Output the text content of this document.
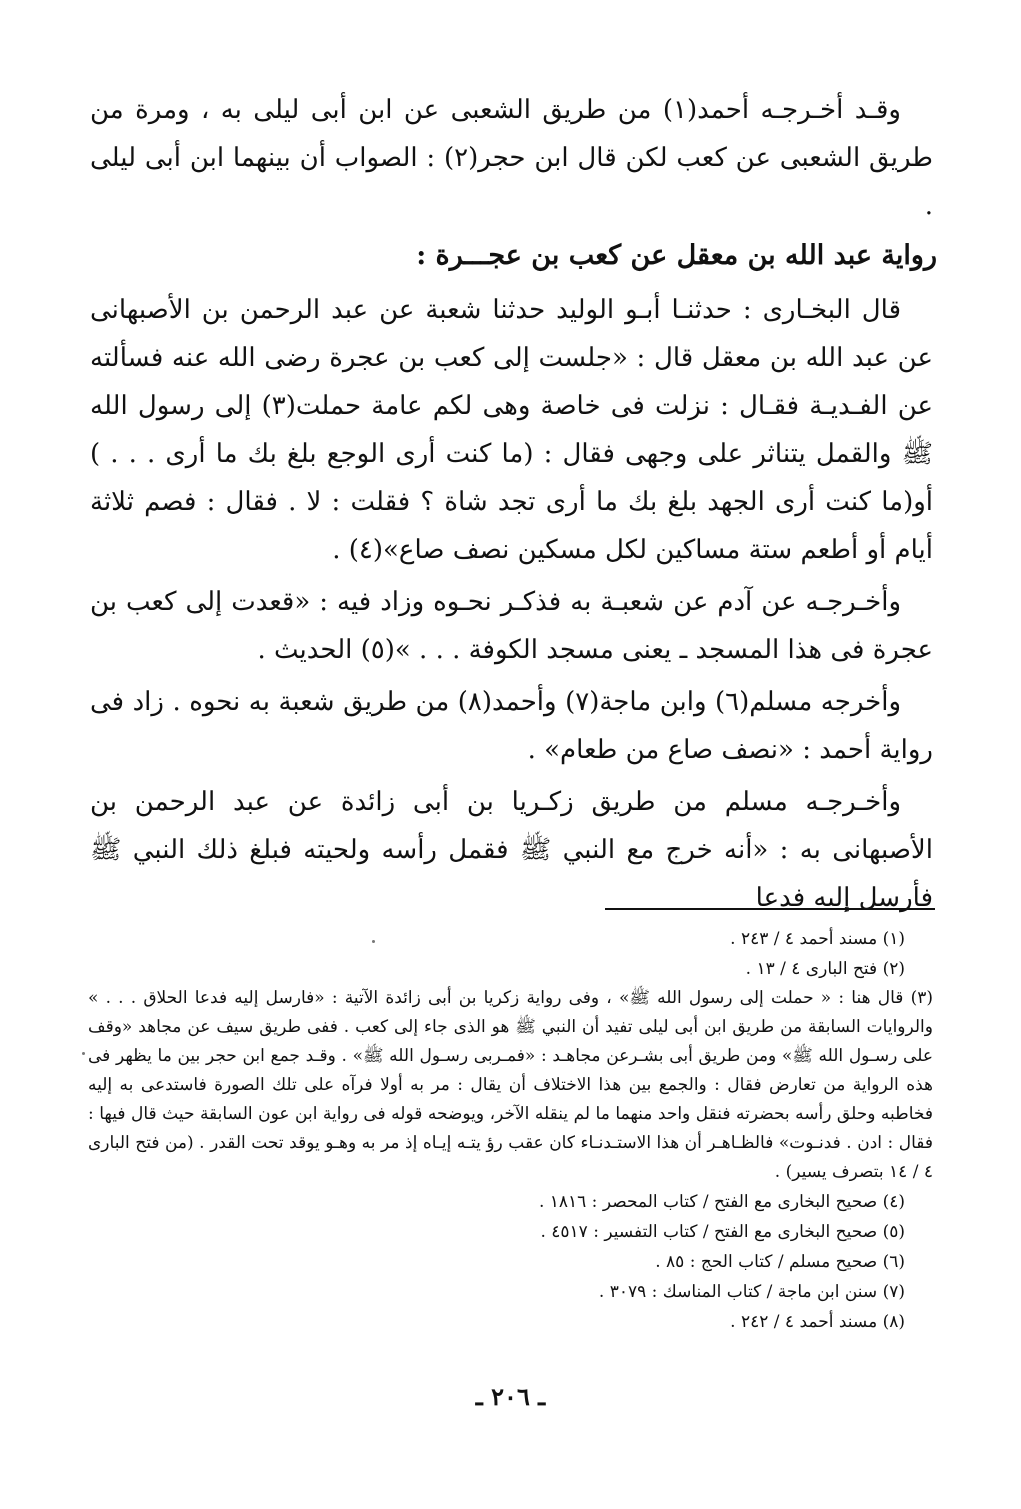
وقـد أخـرجـه أحمد(١) من طريق الشعبى عن ابن أبى ليلى به ، ومرة من طريق الشعبى عن كعب لكن قال ابن حجر(٢) : الصواب أن بينهما ابن أبى ليلى .

رواية عبد الله بن معقل عن كعب بن عجـــرة :

قال البخـارى : حدثنـا أبـو الوليد حدثنا شعبة عن عبد الرحمن بن الأصبهانى عن عبد الله بن معقل قال : «جلست إلى كعب بن عجرة رضى الله عنه فسألته عن الفـديـة فقـال : نزلت فى خاصة وهى لكم عامة حملت(٣) إلى رسول الله ﷺ والقمل يتناثر على وجهى فقال : (ما كنت أرى الوجع بلغ بك ما أرى . . . ) أو(ما كنت أرى الجهد بلغ بك ما أرى تجد شاة ؟ فقلت : لا . فقال : فصم ثلاثة أيام أو أطعم ستة مساكين لكل مسكين نصف صاع»(٤) .

وأخـرجـه عن آدم عن شعبـة به فذكـر نحـوه وزاد فيه : «قعدت إلى كعب بن عجرة فى هذا المسجد ـ يعنى مسجد الكوفة . . . »(٥) الحديث .

وأخرجه مسلم(٦) وابن ماجة(٧) وأحمد(٨) من طريق شعبة به نحوه . زاد فى رواية أحمد : «نصف صاع من طعام» .

وأخـرجـه مسلم من طريق زكـريا بن أبى زائدة عن عبد الرحمن بن الأصبهانى به : «أنه خرج مع النبي ﷺ فقمل رأسه ولحيته فبلغ ذلك النبي ﷺ فأرسل إليه فدعا

(١) مسند أحمد ٤ / ٢٤٣ .

(٢) فتح البارى ٤ / ١٣ .

(٣) قال هنا : « حملت إلى رسول الله ﷺ» ، وفى رواية زكريا بن أبى زائدة الآتية : «فارسل إليه فدعا الحلاق . . . » والروايات السابقة من طريق ابن أبى ليلى تفيد أن النبي ﷺ هو الذى جاء إلى كعب . ففى طريق سيف عن مجاهد «وقف على رسـول الله ﷺ» ومن طريق أبى بشـرعن مجاهـد : «فمـربى رسـول الله ﷺ» . وقـد جمع ابن حجر بين ما يظهر فى هذه الرواية من تعارض فقال : والجمع بين هذا الاختلاف أن يقال : مر به أولا فرآه على تلك الصورة فاستدعى به إليه فخاطبه وحلق رأسه بحضرته فنقل واحد منهما ما لم ينقله الآخر، ويوضحه قوله فى رواية ابن عون السابقة حيث قال فيها : فقال : ادن . فدنـوت» فالظـاهـر أن هذا الاستـدنـاء كان عقب رؤ يتـه إيـاه إذ مر به وهـو يوقد تحت القدر . (من فتح البارى ٤ / ١٤ بتصرف يسير) .

(٤) صحيح البخارى مع الفتح / كتاب المحصر : ١٨١٦ .

(٥) صحيح البخارى مع الفتح / كتاب التفسير : ٤٥١٧ .

(٦) صحيح مسلم / كتاب الحج : ٨٥ .

(٧) سنن ابن ماجة / كتاب المناسك : ٣٠٧٩ .

(٨) مسند أحمد ٤ / ٢٤٢ .

ـ ٢٠٦ ـ
